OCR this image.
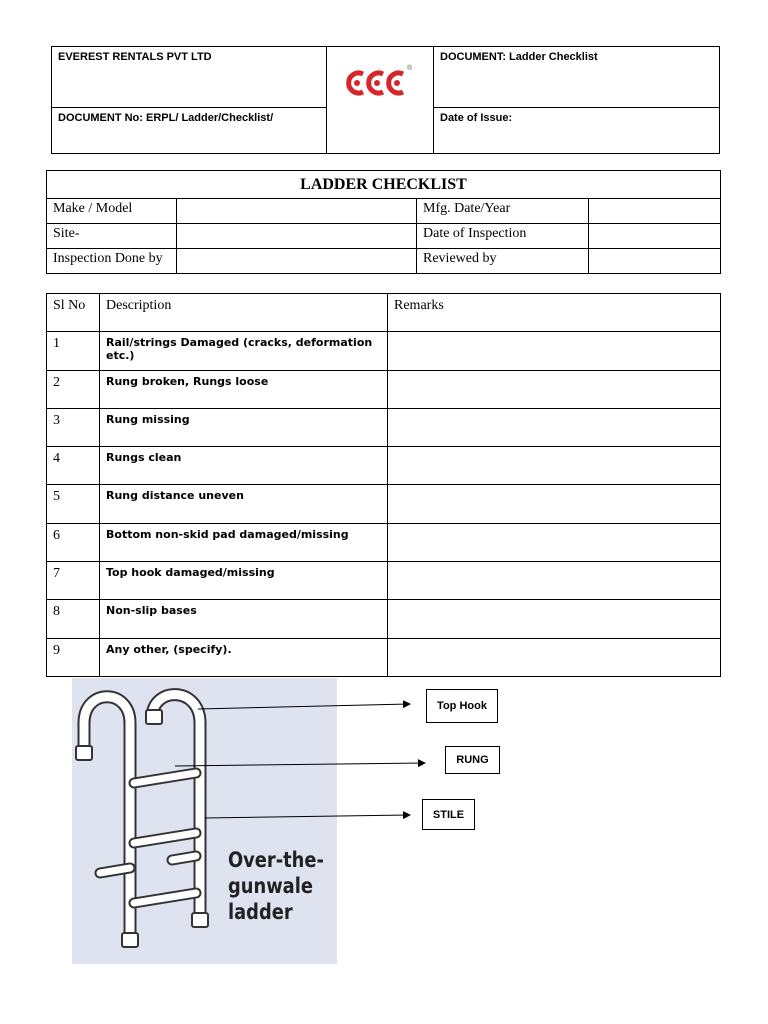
EVEREST RENTALS PVT LTD
DOCUMENT No: ERPL/ Ladder/Checklist/
DOCUMENT: Ladder Checklist
Date of Issue:
®
LADDER CHECKLIST			
Make / Model		Mfg. Date/Year	
Site-		Date of Inspection	
Inspection Done by		Reviewed by	
Sl No	Description	Remarks
1	Rail/strings Damaged (cracks, deformation etc.)	
2	Rung broken, Rungs loose	
3	Rung missing	
4	Rungs clean	
5	Rung distance uneven	
6	Bottom non-skid pad damaged/missing	
7	Top hook damaged/missing	
8	Non-slip bases	
9	Any other, (specify).	
Over-the-
gunwale
ladder
Top Hook
RUNG
STILE
